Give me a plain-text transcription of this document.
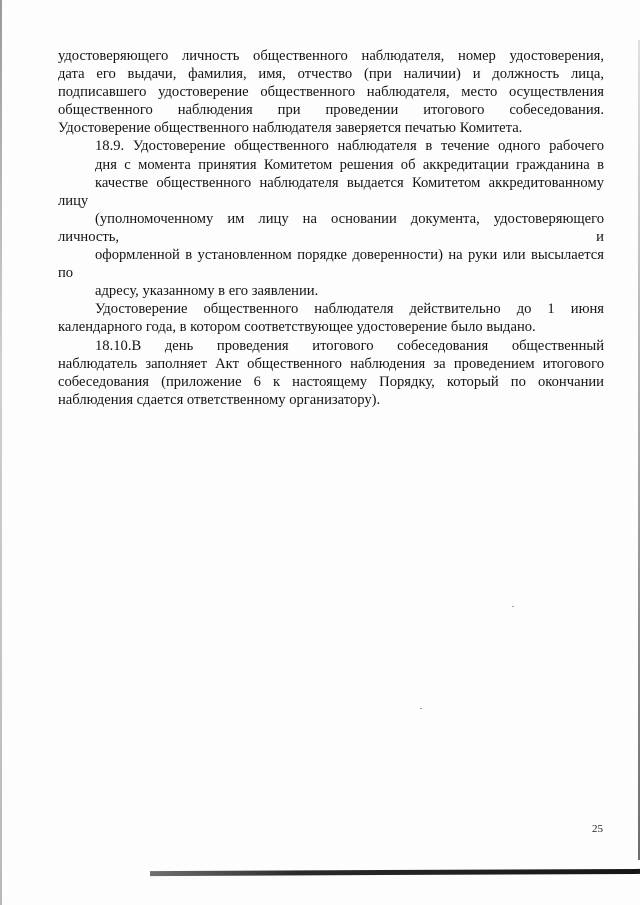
удостоверяющего личность общественного наблюдателя, номер удостоверения,
дата его выдачи, фамилия, имя, отчество (при наличии) и должность лица,
подписавшего удостоверение общественного наблюдателя, место осуществления
общественного наблюдения при проведении итогового собеседования.
Удостоверение общественного наблюдателя заверяется печатью Комитета.

18.9. Удостоверение общественного наблюдателя в течение одного рабочего
дня с момента принятия Комитетом решения об аккредитации гражданина в
качестве общественного наблюдателя выдается Комитетом аккредитованному лицу
(уполномоченному им лицу на основании документа, удостоверяющего личность, и
оформленной в установленном порядке доверенности) на руки или высылается по
адресу, указанному в его заявлении.

Удостоверение общественного наблюдателя действительно до 1 июня
календарного года, в котором соответствующее удостоверение было выдано.

18.10.В день проведения итогового собеседования общественный
наблюдатель заполняет Акт общественного наблюдения за проведением итогового
собеседования (приложение 6 к настоящему Порядку, который по окончании
наблюдения сдается ответственному организатору).

25
